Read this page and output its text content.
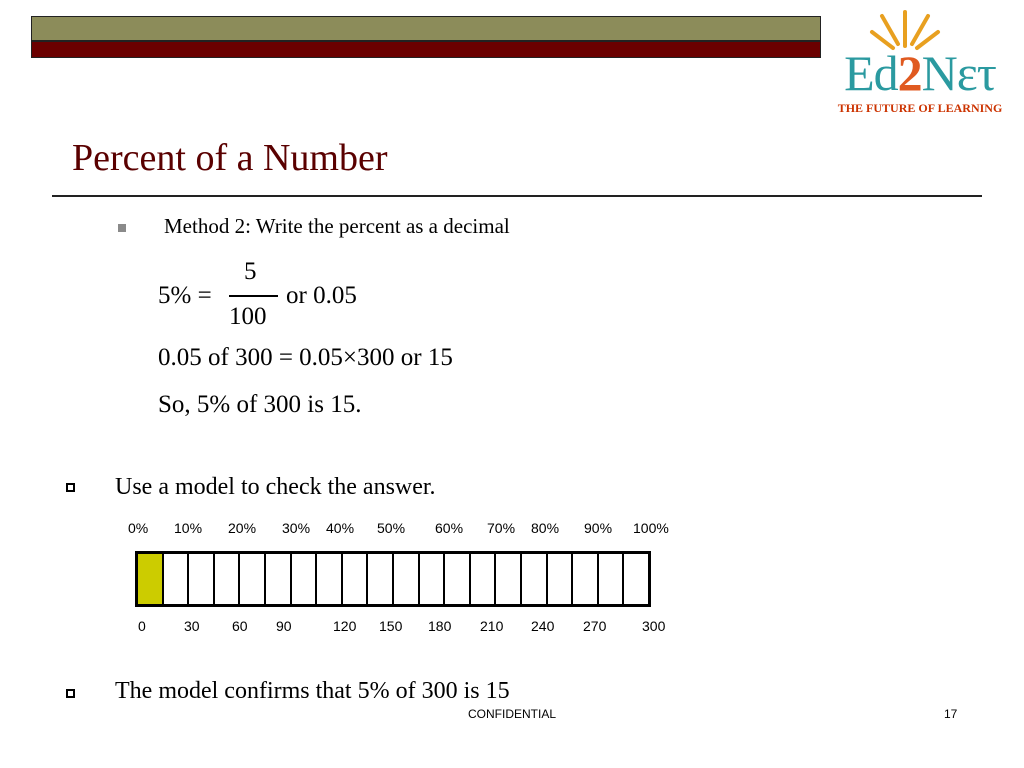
Ed2Nετ
THE FUTURE OF LEARNING
Percent of a Number
Method 2: Write the percent as a decimal
5% =
5
100
or 0.05
0.05 of 300 = 0.05×300 or 15
So, 5% of 300 is 15.
Use a model to check the answer.
0% 10% 20% 30% 40% 50% 60% 70% 80% 90% 100%
0	30 60 90	120 150 180 210 240 270	300
The model confirms that 5% of 300 is 15
CONFIDENTIAL	17
